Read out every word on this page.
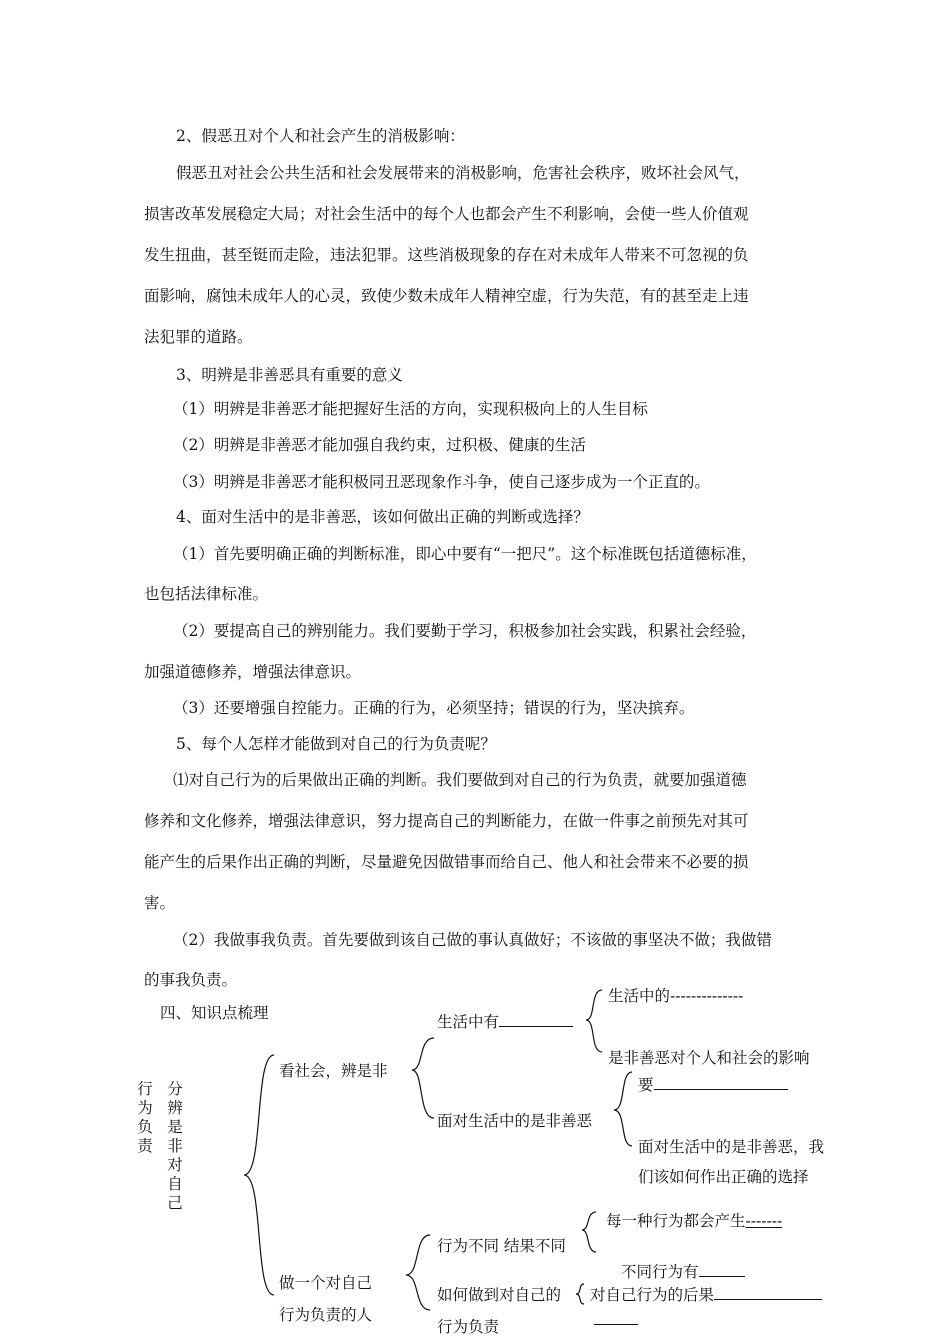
2、假恶丑对个人和社会产生的消极影响：
假恶丑对社会公共生活和社会发展带来的消极影响，危害社会秩序，败坏社会风气，
损害改革发展稳定大局；对社会生活中的每个人也都会产生不利影响，会使一些人价值观
发生扭曲，甚至铤而走险，违法犯罪。这些消极现象的存在对未成年人带来不可忽视的负
面影响，腐蚀未成年人的心灵，致使少数未成年人精神空虚，行为失范，有的甚至走上违
法犯罪的道路。
3、明辨是非善恶具有重要的意义
（1）明辨是非善恶才能把握好生活的方向，实现积极向上的人生目标
（2）明辨是非善恶才能加强自我约束，过积极、健康的生活
（3）明辨是非善恶才能积极同丑恶现象作斗争，使自己逐步成为一个正直的。
4、面对生活中的是非善恶，该如何做出正确的判断或选择？
（1）首先要明确正确的判断标准，即心中要有“一把尺”。这个标准既包括道德标准，
也包括法律标准。
（2）要提高自己的辨别能力。我们要勤于学习，积极参加社会实践，积累社会经验，
加强道德修养，增强法律意识。
（3）还要增强自控能力。正确的行为，必须坚持；错误的行为，坚决摈弃。
5、每个人怎样才能做到对自己的行为负责呢？
⑴对自己行为的后果做出正确的判断。我们要做到对自己的行为负责，就要加强道德
修养和文化修养，增强法律意识，努力提高自己的判断能力，在做一件事之前预先对其可
能产生的后果作出正确的判断，尽量避免因做错事而给自己、他人和社会带来不必要的损
害。
（2）我做事我负责。首先要做到该自己做的事认真做好；不该做的事坚决不做；我做错
的事我负责。
四、知识点梳理
行为负责
分辨是非对自己
看社会，辨是非
生活中有
生活中的--------------
是非善恶对个人和社会的影响
面对生活中的是非善恶
要
面对生活中的是非善恶，我
们该如何作出正确的选择
做一个对自己
行为负责的人
行为不同 结果不同
每一种行为都会产生-------
不同行为有
如何做到对自己的
行为负责
对自己行为的后果
